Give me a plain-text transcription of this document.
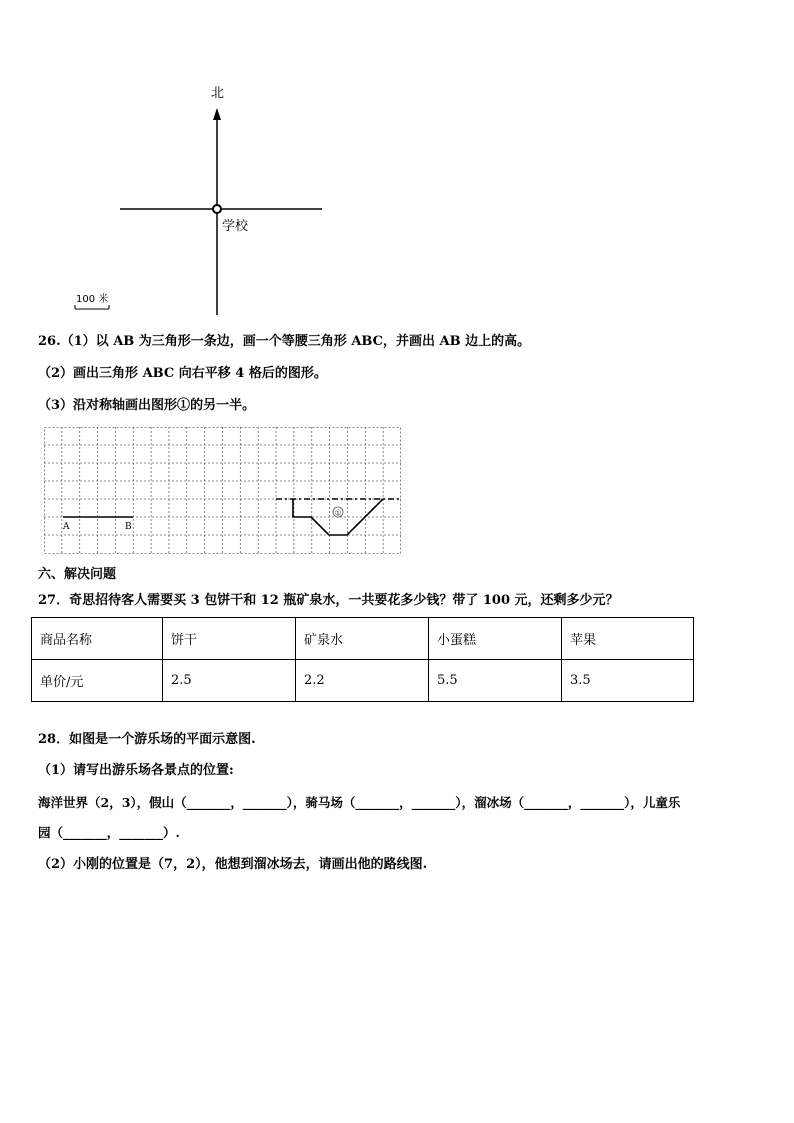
北
学校
100 米
26.（1）以 AB 为三角形一条边，画一个等腰三角形 ABC，并画出 AB 边上的高。
（2）画出三角形 ABC 向右平移 4 格后的图形。
（3）沿对称轴画出图形①的另一半。
①
A	B
六、解决问题
27．奇思招待客人需要买 3 包饼干和 12 瓶矿泉水，一共要花多少钱？带了 100 元，还剩多少元？
商品名称	饼干	矿泉水	小蛋糕	苹果
单价/元	2.5	2.2	5.5	3.5
28．如图是一个游乐场的平面示意图.
（1）请写出游乐场各景点的位置:
海洋世界（2，3），假山（_______，_______），骑马场（_______，_______），溜冰场（_______，_______），儿童乐
园（_______，_______）.
（2）小刚的位置是（7，2），他想到溜冰场去，请画出他的路线图.
